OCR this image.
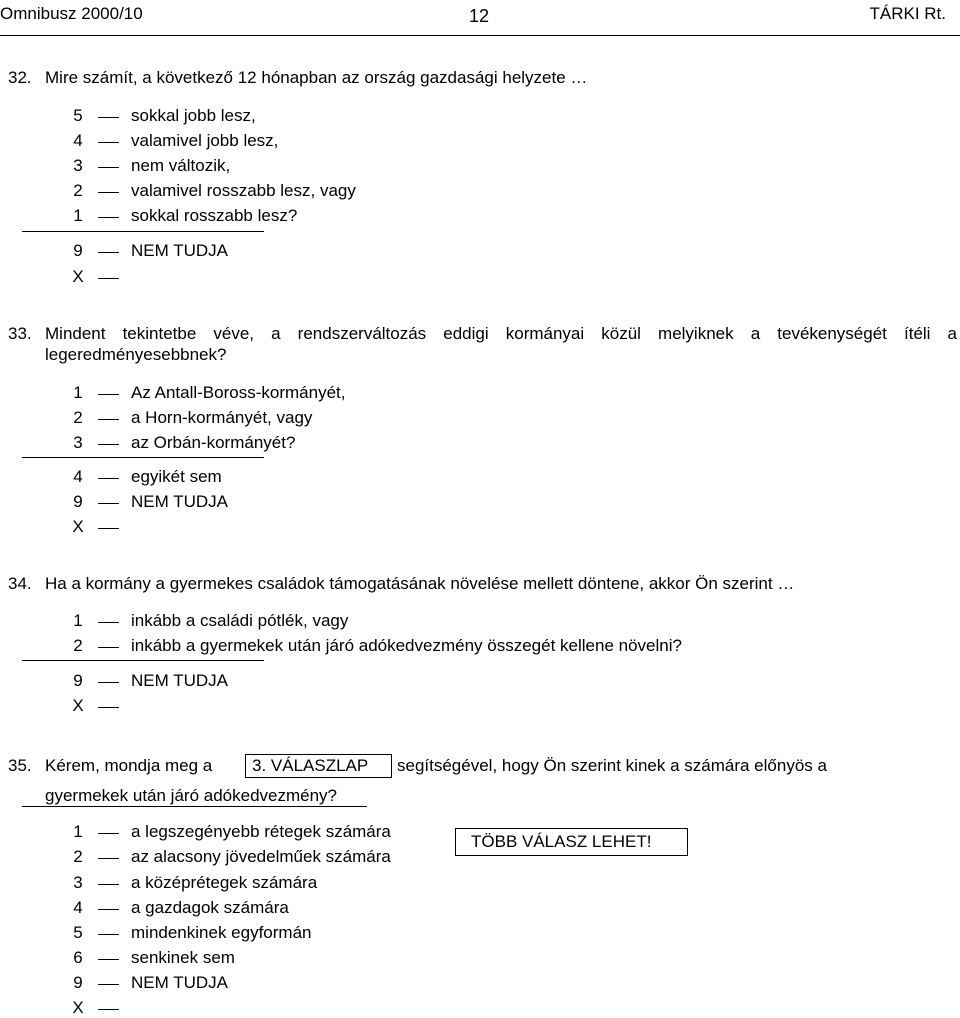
Omnibusz 2000/10	12	TÁRKI Rt.
32. Mire számít, a következő 12 hónapban az ország gazdasági helyzete …
5	sokkal jobb lesz,
4	valamivel jobb lesz,
3	nem változik,
2	valamivel rosszabb lesz, vagy
1	sokkal rosszabb lesz?
9	NEM TUDJA
X
33. Mindent tekintetbe véve, a rendszerváltozás eddigi kormányai közül melyiknek a tevékenységét ítéli a
legeredményesebbnek?
1	Az Antall-Boross-kormányét,
2	a Horn-kormányét, vagy
3	az Orbán-kormányét?
4	egyikét sem
9	NEM TUDJA
X
34. Ha a kormány a gyermekes családok támogatásának növelése mellett döntene, akkor Ön szerint …
1	inkább a családi pótlék, vagy
2	inkább a gyermekek után járó adókedvezmény összegét kellene növelni?
9	NEM TUDJA
X
35. Kérem, mondja meg a	3. VÁLASZLAP	segítségével, hogy Ön szerint kinek a számára előnyös a
gyermekek után járó adókedvezmény?
TÖBB VÁLASZ LEHET!
1	a legszegényebb rétegek számára
2	az alacsony jövedelműek számára
3	a középrétegek számára
4	a gazdagok számára
5	mindenkinek egyformán
6	senkinek sem
9	NEM TUDJA
X
